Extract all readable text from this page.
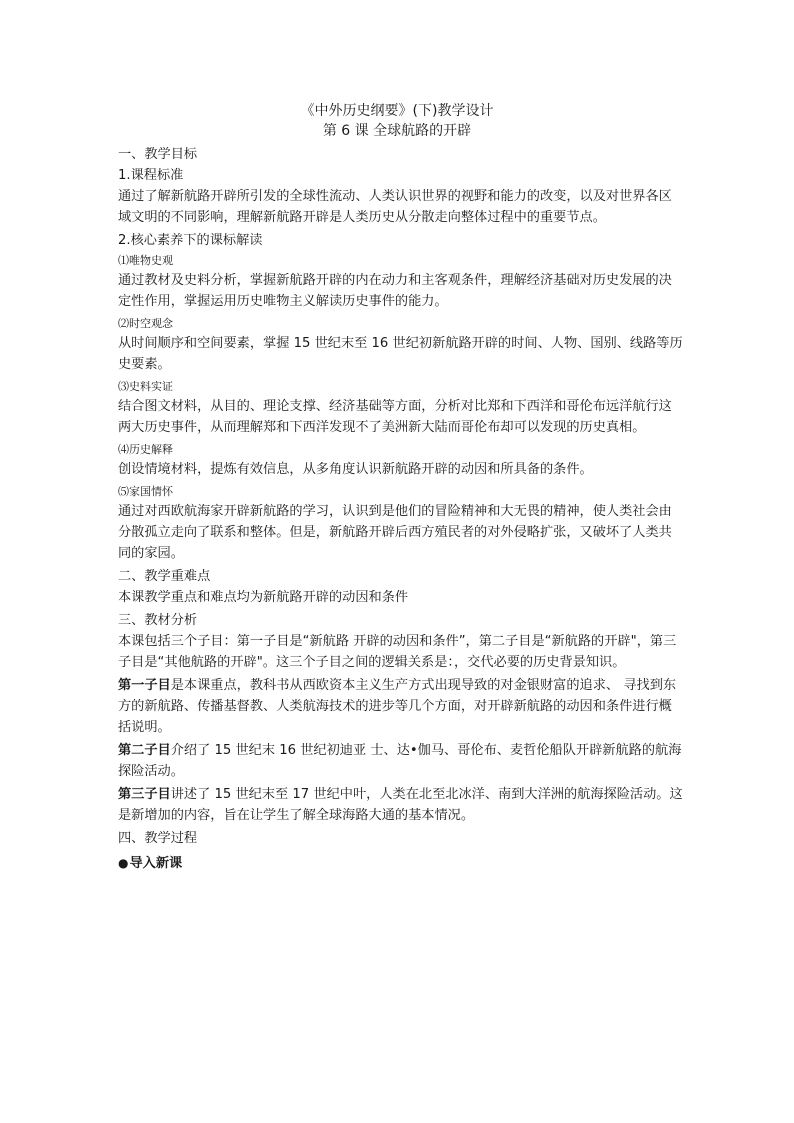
《中外历史纲要》(下)教学设计
第 6 课 全球航路的开辟

一、教学目标

1.课程标准

通过了解新航路开辟所引发的全球性流动、人类认识世界的视野和能力的改变，以及对世界各区域文明的不同影响，理解新航路开辟是人类历史从分散走向整体过程中的重要节点。

2.核心素养下的课标解读

⑴唯物史观

通过教材及史料分析，掌握新航路开辟的内在动力和主客观条件，理解经济基础对历史发展的决定性作用，掌握运用历史唯物主义解读历史事件的能力。

⑵时空观念

从时间顺序和空间要素，掌握 15 世纪末至 16 世纪初新航路开辟的时间、人物、国别、线路等历史要素。

⑶史料实证

结合图文材料，从目的、理论支撑、经济基础等方面，分析对比郑和下西洋和哥伦布远洋航行这两大历史事件，从而理解郑和下西洋发现不了美洲新大陆而哥伦布却可以发现的历史真相。

⑷历史解释

创设情境材料，提炼有效信息，从多角度认识新航路开辟的动因和所具备的条件。

⑸家国情怀

通过对西欧航海家开辟新航路的学习，认识到是他们的冒险精神和大无畏的精神，使人类社会由分散孤立走向了联系和整体。但是，新航路开辟后西方殖民者的对外侵略扩张，又破坏了人类共同的家园。

二、教学重难点

本课教学重点和难点均为新航路开辟的动因和条件

三、教材分析

本课包括三个子目：第一子目是“新航路 开辟的动因和条件”，第二子目是“新航路的开辟"，第三子目是“其他航路的开辟"。这三个子目之间的逻辑关系是：，交代必要的历史背景知识。

第一子目是本课重点，教科书从西欧资本主义生产方式出现导致的对金银财富的追求、 寻找到东方的新航路、传播基督教、人类航海技术的进步等几个方面，对开辟新航路的动因和条件进行概括说明。

第二子目介绍了 15 世纪末 16 世纪初迪亚 士、达•伽马、哥伦布、麦哲伦船队开辟新航路的航海探险活动。

第三子目讲述了 15 世纪末至 17 世纪中叶，人类在北至北冰洋、南到大洋洲的航海探险活动。这是新增加的内容，旨在让学生了解全球海路大通的基本情况。

四、教学过程

●导入新课
